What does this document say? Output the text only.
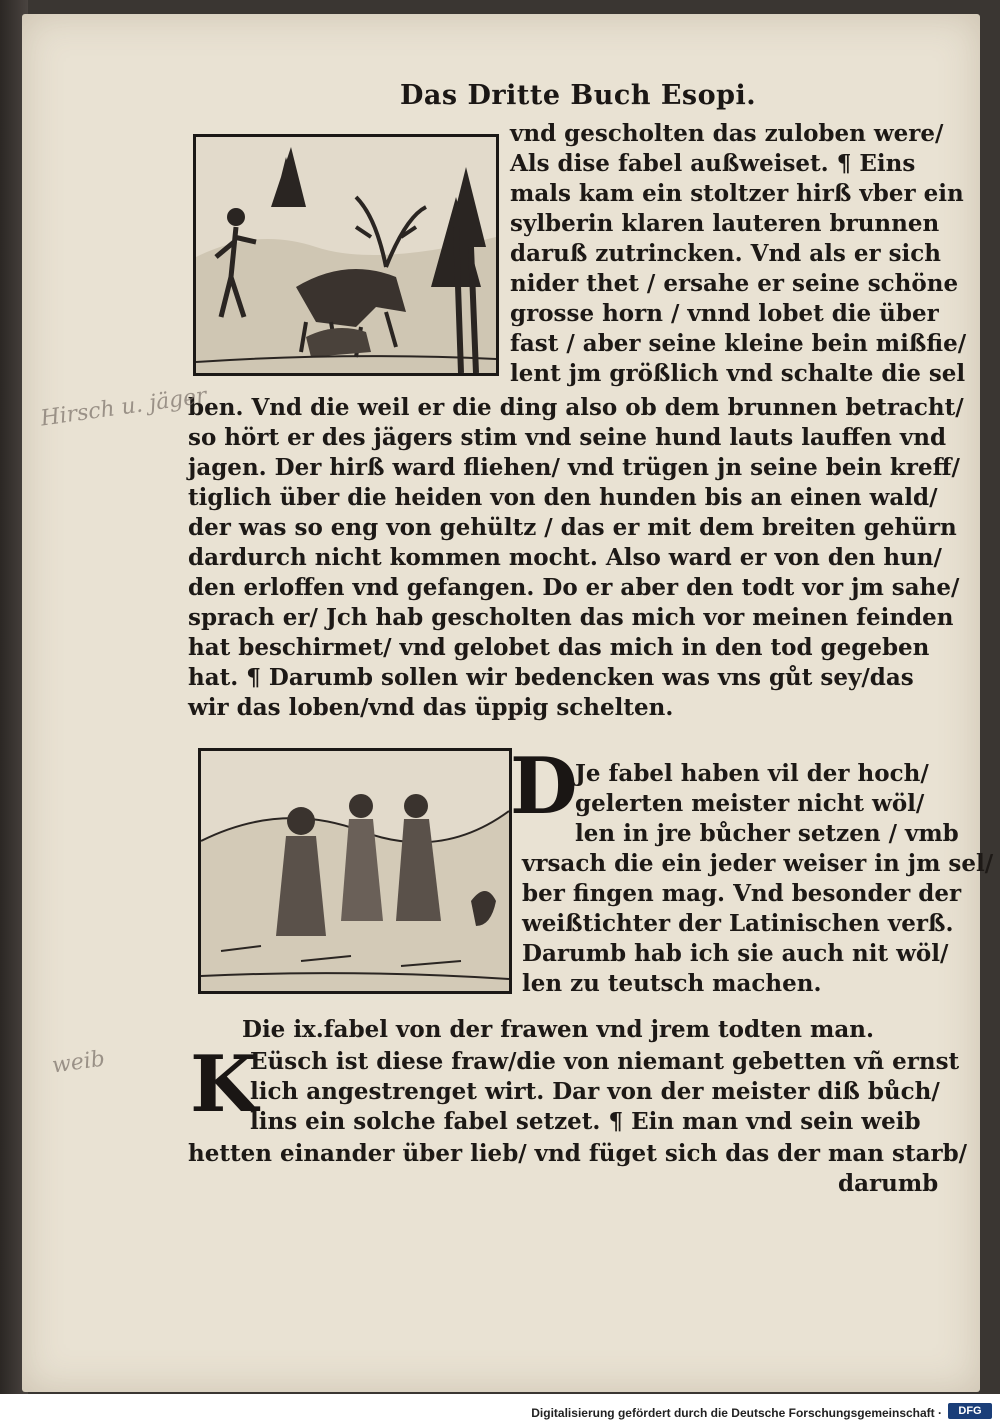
Das Dritte Buch Esopi.
vnd gescholten das zuloben were/
Als dise fabel außweiset. ¶ Eins
mals kam ein stoltzer hirß vber ein
sylberin klaren lauteren brunnen
daruß zutrincken. Vnd als er sich
nider thet / ersahe er seine schöne
grosse horn / vnnd lobet die über
fast / aber seine kleine bein mißfie/
lent jm größlich vnd schalte die sel
ben. Vnd die weil er die ding also ob dem brunnen betracht/
so hört er des jägers stim vnd seine hund lauts lauffen vnd
jagen. Der hirß ward fliehen/ vnd trügen jn seine bein kreff/
tiglich über die heiden von den hunden bis an einen wald/
der was so eng von gehültz / das er mit dem breiten gehürn
dardurch nicht kommen mocht. Also ward er von den hun/
den erloffen vnd gefangen. Do er aber den todt vor jm sahe/
sprach er/ Jch hab gescholten das mich vor meinen feinden
hat beschirmet/ vnd gelobet das mich in den tod gegeben
hat. ¶ Darumb sollen wir bedencken was vns gůt sey/das
wir das loben/vnd das üppig schelten.
D
Je fabel haben vil der hoch/
gelerten meister nicht wöl/
len in jre bůcher setzen / vmb
vrsach die ein jeder weiser in jm sel/
ber fingen mag. Vnd besonder der
weißtichter der Latinischen verß.
Darumb hab ich sie auch nit wöl/
len zu teutsch machen.
Die ix.fabel von der frawen vnd jrem todten man.
K
Eüsch ist diese fraw/die von niemant gebetten vñ ernst
lich angestrenget wirt. Dar von der meister diß bůch/
lins ein solche fabel setzet. ¶ Ein man vnd sein weib
hetten einander über lieb/ vnd füget sich das der man starb/
darumb
Hirsch u. jäger
weib
Digitalisierung gefördert durch die Deutsche Forschungsgemeinschaft ·	DFG
